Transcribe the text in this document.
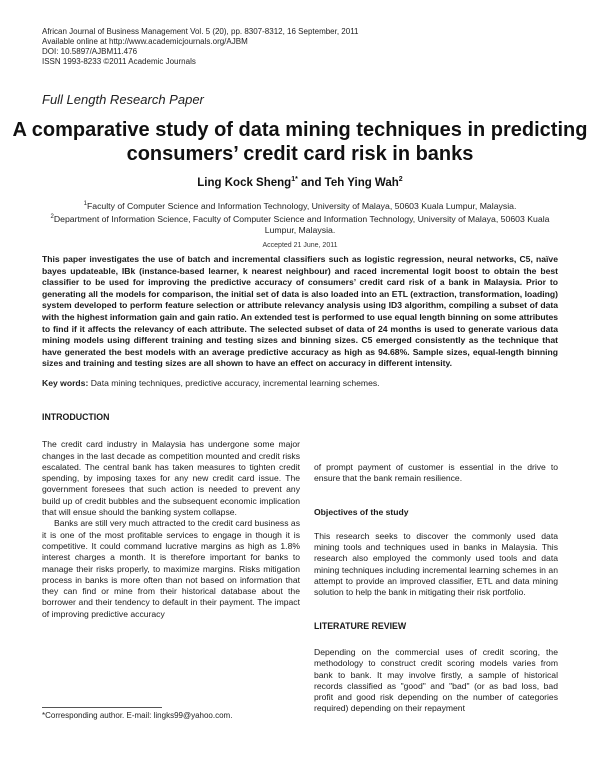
African Journal of Business Management Vol. 5 (20), pp. 8307-8312, 16 September, 2011
Available online at http://www.academicjournals.org/AJBM
DOI: 10.5897/AJBM11.476
ISSN 1993-8233 ©2011 Academic Journals
Full Length Research Paper
A comparative study of data mining techniques in predicting consumers’ credit card risk in banks
Ling Kock Sheng$^{1*}$ and Teh Ying Wah$^2$
$^1$Faculty of Computer Science and Information Technology, University of Malaya, 50603 Kuala Lumpur, Malaysia.
$^2$Department of Information Science, Faculty of Computer Science and Information Technology, University of Malaya, 50603 Kuala Lumpur, Malaysia.
Accepted 21 June, 2011
This paper investigates the use of batch and incremental classifiers such as logistic regression, neural networks, C5, naïve bayes updateable, IBk (instance-based learner, k nearest neighbour) and raced incremental logit boost to obtain the best classifier to be used for improving the predictive accuracy of consumers’ credit card risk of a bank in Malaysia. Prior to generating all the models for comparison, the initial set of data is also loaded into an ETL (extraction, transformation, loading) system developed to perform feature selection or attribute relevancy analysis using ID3 algorithm, compiling a subset of data with the highest information gain and gain ratio. An extended test is performed to use equal length binning on some attributes to find if it affects the relevancy of each attribute. The selected subset of data of 24 months is used to generate various data mining models using different training and testing sizes and binning sizes. C5 emerged consistently as the technique that have generated the best models with an average predictive accuracy as high as 94.68%. Sample sizes, equal-length binning sizes and training and testing sizes are all shown to have an effect on accuracy in different intensity.
Key words: Data mining techniques, predictive accuracy, incremental learning schemes.

INTRODUCTION

The credit card industry in Malaysia has undergone some major changes in the last decade as competition mounted and credit risks escalated. The central bank has taken measures to tighten credit spending, by imposing taxes for any new credit card issue. The government foresees that such action is needed to prevent any build up of credit bubbles and the subsequent economic implication that will ensue should the banking system collapse.

Banks are still very much attracted to the credit card business as it is one of the most profitable services to engage in though it is competitive. It could command lucrative margins as high as 1.8% interest charges a month. It is therefore important for banks to manage their risks properly, to maximize margins. Risks mitigation process in banks is more often than not based on information that they can find or mine from their historical database about the borrower and their tendency to default in their payment. The impact of improving predictive accuracy

of prompt payment of customer is essential in the drive to ensure that the bank remain resilience.

Objectives of the study

This research seeks to discover the commonly used data mining tools and techniques used in banks in Malaysia. This research also employed the commonly used tools and data mining techniques including incremental learning schemes in an attempt to provide an improved classifier, ETL and data mining solution to help the bank in mitigating their risk portfolio.

LITERATURE REVIEW

Depending on the commercial uses of credit scoring, the methodology to construct credit scoring models varies from bank to bank. It may involve firstly, a sample of historical records classified as "good" and "bad" (or as bad loss, bad profit and good risk depending on the number of categories required) depending on their repayment

*Corresponding author. E-mail: lingks99@yahoo.com.
